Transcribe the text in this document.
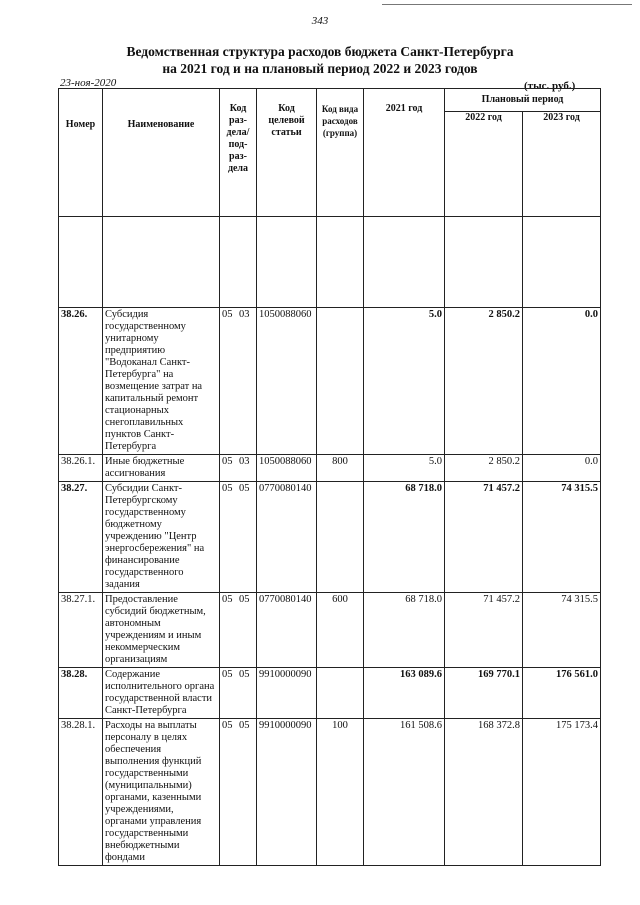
343
Ведомственная структура расходов бюджета Санкт-Петербурга
на 2021 год и на плановый период 2022 и 2023 годов
23-ноя-2020	(тыс. руб.)
Номер	Наименование	Код раз-дела/ под-раз-дела	Код целевой статьи	Код вида расходов (группа)	2021 год	Плановый период	
						2022 год	2023 год

38.26.	Субсидия государственному унитарному предприятию "Водоканал Санкт-Петербурга" на возмещение затрат на капитальный ремонт стационарных снегоплавильных пунктов Санкт-Петербурга	05 03	1050088060		5.0	2 850.2	0.0
38.26.1.	Иные бюджетные ассигнования	05 03	1050088060	800	5.0	2 850.2	0.0
38.27.	Субсидии Санкт-Петербургскому государственному бюджетному учреждению "Центр энергосбережения" на финансирование государственного задания	05 05	0770080140		68 718.0	71 457.2	74 315.5
38.27.1.	Предоставление субсидий бюджетным, автономным учреждениям и иным некоммерческим организациям	05 05	0770080140	600	68 718.0	71 457.2	74 315.5
38.28.	Содержание исполнительного органа государственной власти Санкт-Петербурга	05 05	9910000090		163 089.6	169 770.1	176 561.0
38.28.1.	Расходы на выплаты персоналу в целях обеспечения выполнения функций государственными (муниципальными) органами, казенными учреждениями, органами управления государственными внебюджетными фондами	05 05	9910000090	100	161 508.6	168 372.8	175 173.4
